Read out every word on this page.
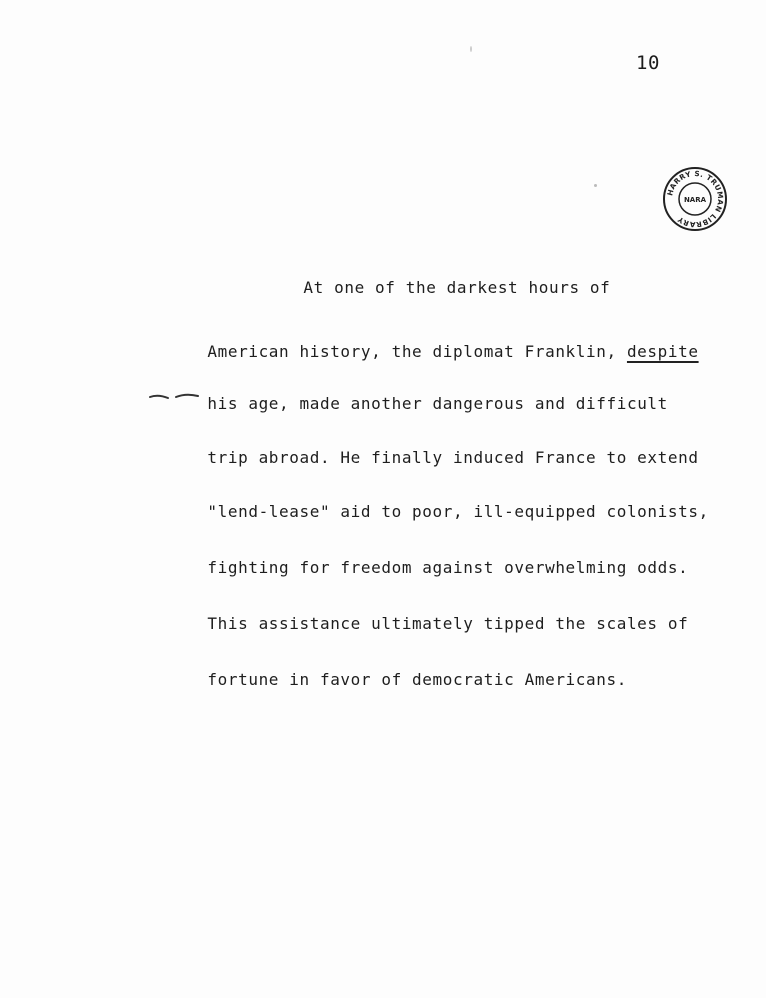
10
HARRY S. TRUMAN LIBRARY
NARA

At one of the darkest hours of

American history, the diplomat Franklin, despite

his age, made another dangerous and difficult

trip abroad. He finally induced France to extend

"lend-lease" aid to poor, ill-equipped colonists,

fighting for freedom against overwhelming odds.

This assistance ultimately tipped the scales of

fortune in favor of democratic Americans.
